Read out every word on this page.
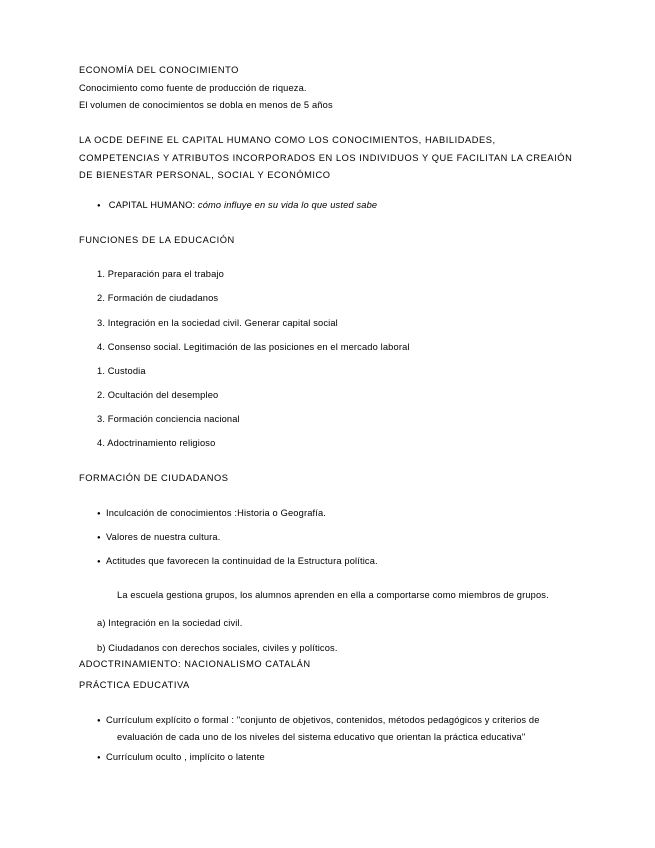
ECONOMÍA DEL CONOCIMIENTO
Conocimiento como fuente de producción de riqueza.
El volumen de conocimientos se dobla en menos de 5 años
LA OCDE DEFINE EL CAPITAL HUMANO COMO LOS CONOCIMIENTOS, HABILIDADES,
COMPETENCIAS Y ATRIBUTOS INCORPORADOS EN LOS INDIVIDUOS Y QUE FACILITAN LA CREAIÓN
DE BIENESTAR PERSONAL, SOCIAL Y ECONÓMICO
● CAPITAL HUMANO: cómo influye en su vida lo que usted sabe
FUNCIONES DE LA EDUCACIÓN
1. Preparación para el trabajo
2. Formación de ciudadanos
3. Integración en la sociedad civil. Generar capital social
4. Consenso social. Legitimación de las posiciones en el mercado laboral
1. Custodia
2. Ocultación del desempleo
3. Formación conciencia nacional
4. Adoctrinamiento religioso
FORMACIÓN DE CIUDADANOS
● Inculcación de conocimientos :Historia o Geografía.
● Valores de nuestra cultura.
● Actitudes que favorecen la continuidad de la Estructura política.
La escuela gestiona grupos, los alumnos aprenden en ella a comportarse como miembros de grupos.
a) Integración en la sociedad civil.
b) Ciudadanos con derechos sociales, civiles y políticos.
ADOCTRINAMIENTO: NACIONALISMO CATALÁN
PRÁCTICA EDUCATIVA
● Currículum explícito o formal : "conjunto de objetivos, contenidos, métodos pedagógicos y criterios de
evaluación de cada uno de los niveles del sistema educativo que orientan la práctica educativa"
● Currículum oculto , implícito o latente
